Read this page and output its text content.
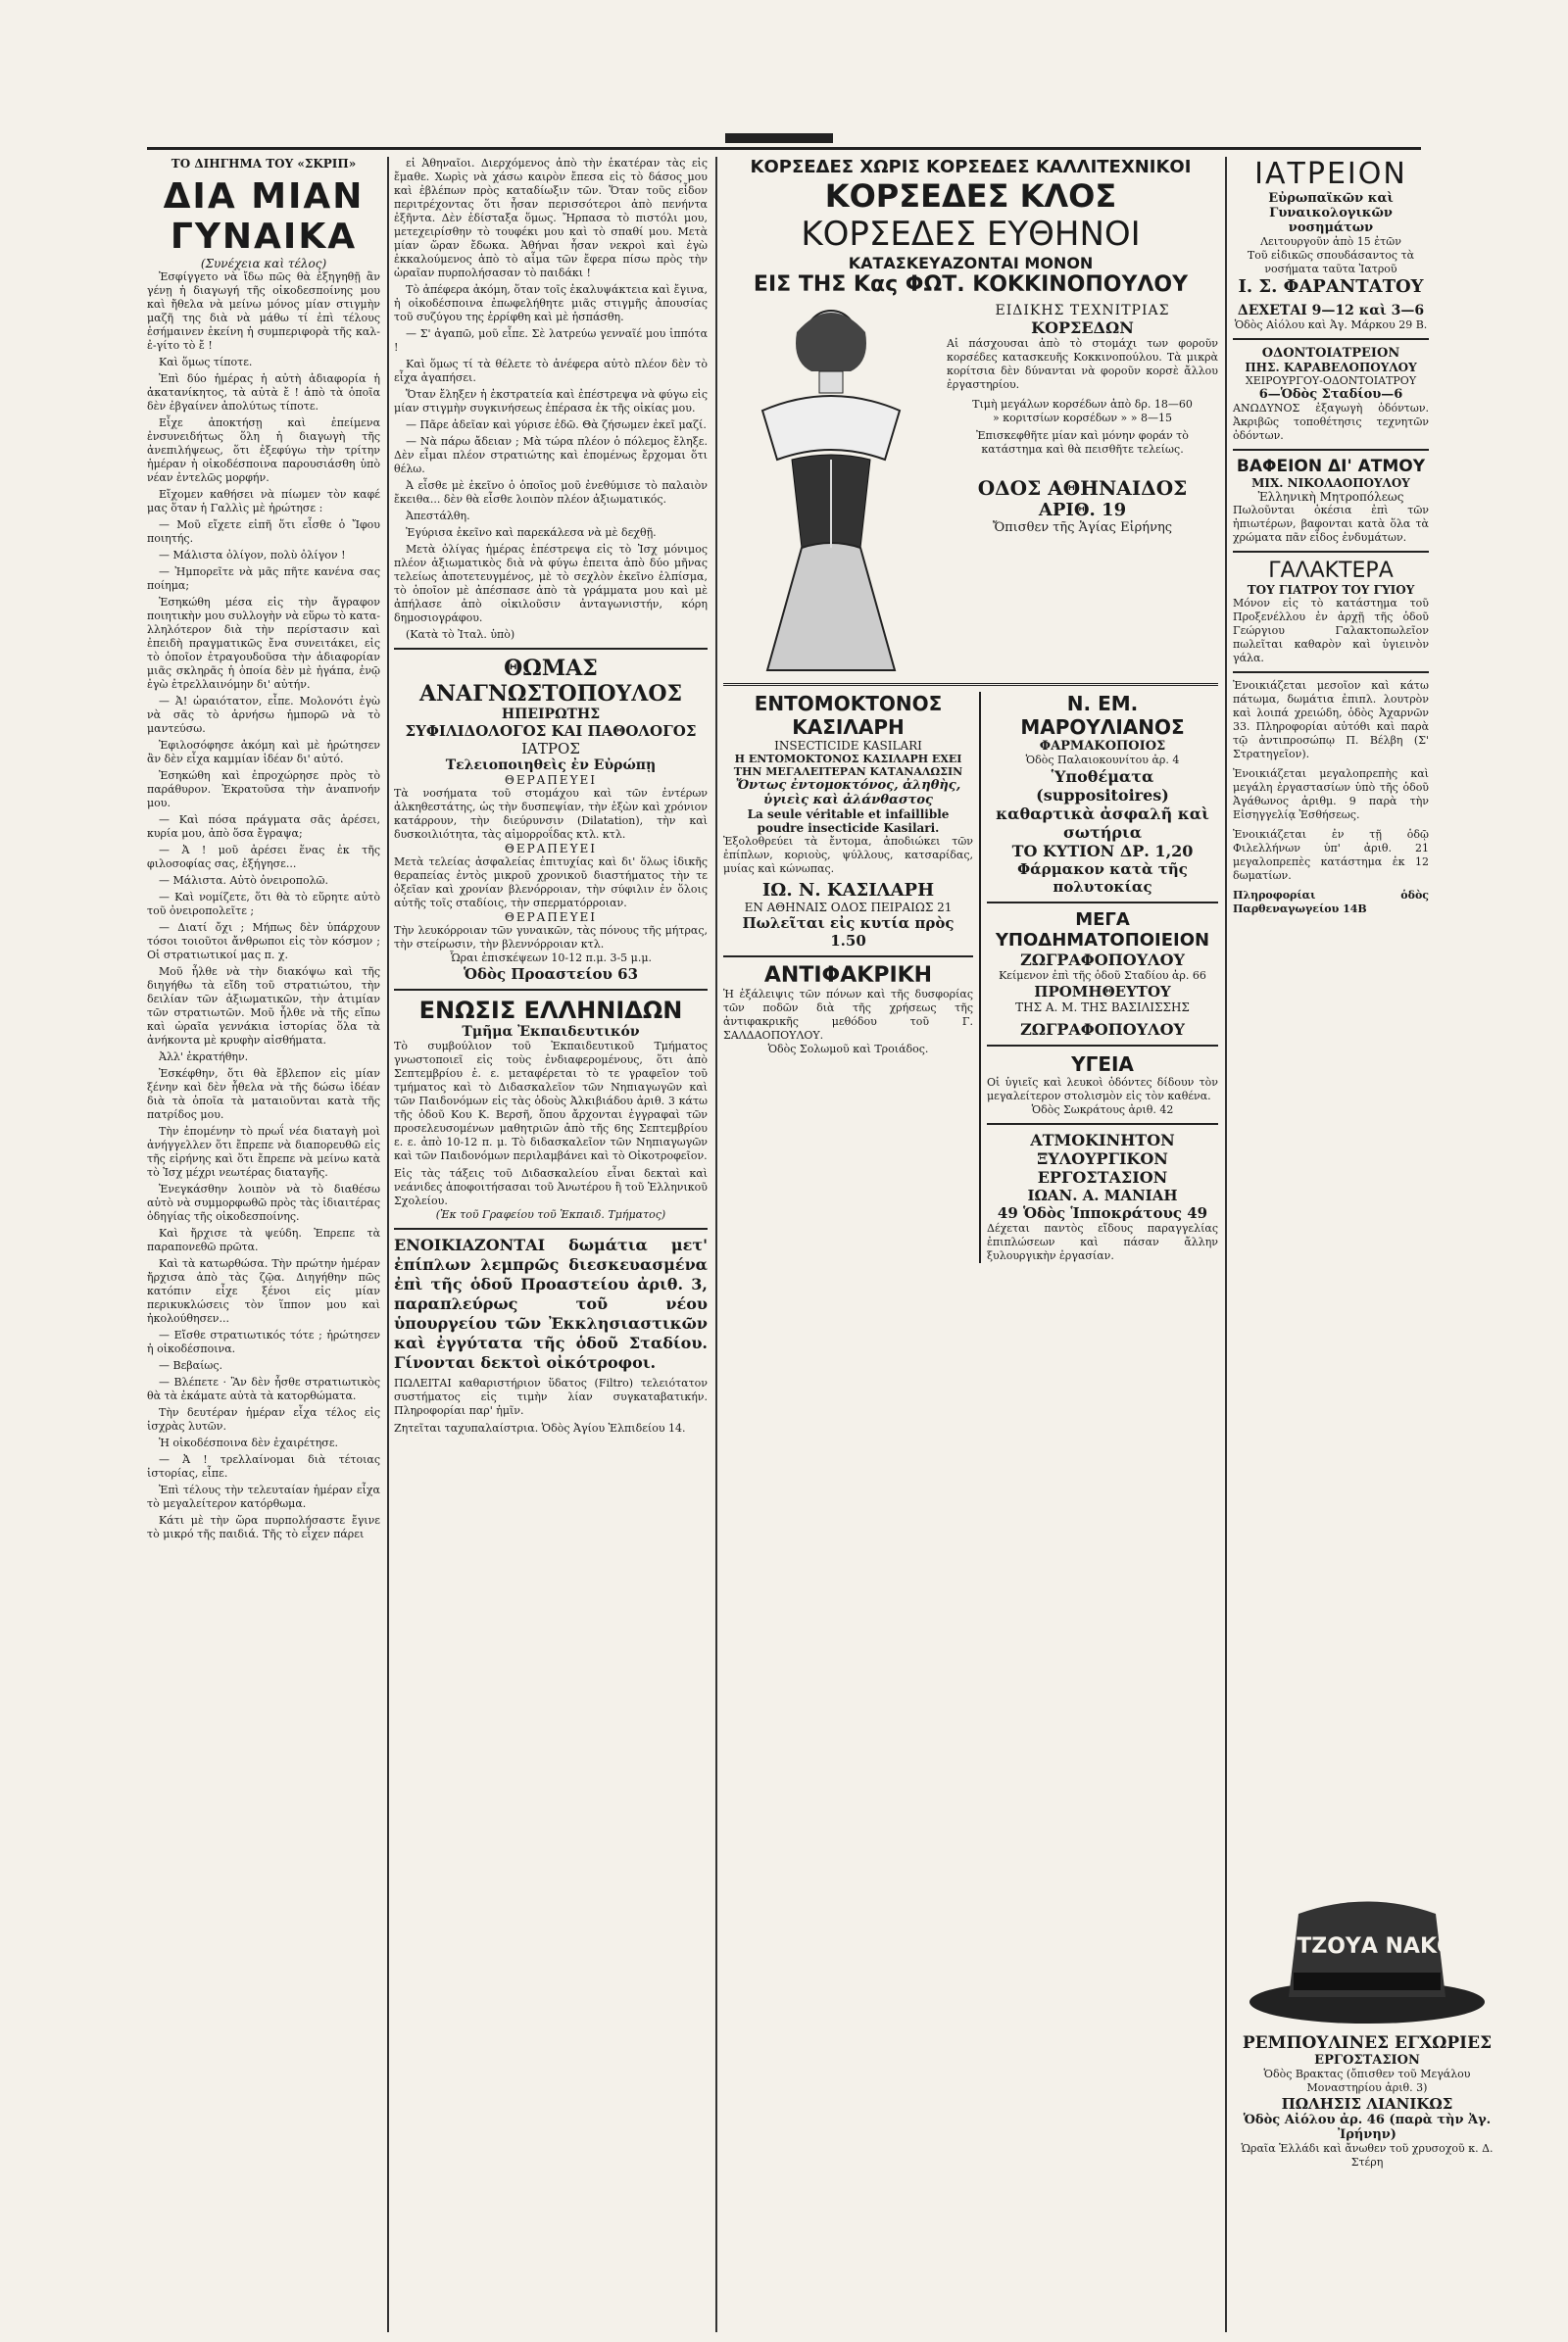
ΤΟ ΔΙΗΓΗΜΑ ΤΟΥ «ΣΚΡΙΠ»
ΔΙΑ ΜΙΑΝ ΓΥΝΑΙΚΑ
(Συνέχεια καὶ τέλος)

Ἐσφίγγετο νὰ ἴδω πῶς θὰ ἐξηγηθῇ ἂν γένῃ ἡ διαγωγή τῆς οἰκοδεσποίνης μου καὶ ἤθελα νὰ μείνω μόνος μίαν στιγμὴν μαζῆ της διὰ νὰ μάθω τί ἐπὶ τέλους ἐσήμαινεν ἐκείνη ἡ συμπεριφορὰ τῆς καλ-ἐ-γίτο τὸ ἔ !

Καὶ ὅμως τίποτε.

Ἐπὶ δύο ἡμέρας ἡ αὐτὴ ἀδιαφορία ἡ ἀκατανίκητος, τὰ αὐτὰ ἔ ! ἀπὸ τὰ ὁποῖα δὲν ἐβγαίνεν ἀπολύτως τίποτε.

Εἶχε ἀποκτήσῃ καὶ ἐπείμενα ἐνσυνειδήτως ὅλη ἡ διαγωγὴ τῆς ἀνεπιλήψεως, ὅτι ἐξεφύγω τὴν τρίτην ἡμέραν ἡ οἰκοδέσποινα παρουσιάσθη ὑπὸ νέαν ἐντελῶς μορφήν.

Εἴχομεν καθήσει νὰ πίωμεν τὸν καφέ μας ὅταν ἡ Γαλλὶς μὲ ἠρώτησε :

— Μοῦ εἴχετε εἰπῆ ὅτι εἶσθε ὁ Ἴφου ποιητής.

— Μάλιστα ὀλίγον, πολὺ ὀλίγον !

— Ἠμπορεῖτε νὰ μᾶς πῆτε κανένα σας ποίημα;

Ἐσηκώθη μέσα εἰς τὴν ἄγραφον ποιητικὴν μου συλλογὴν νὰ εὕρω τὸ κατα-λληλότερον διὰ τὴν περίστασιν καὶ ἐπειδὴ πραγματικῶς ἔνα συνειτάκει, εἰς τὸ ὁποῖον ἐτραγουδοῦσα τὴν ἀδιαφορίαν μιᾶς σκληρᾶς ἡ ὁποία δὲν μὲ ἠγάπα, ἐνῷ ἐγὼ ἐτρελλαινόμην δι' αὐτήν.

— Ἀ! ὡραιότατον, εἶπε. Μολονότι ἐγὼ νὰ σᾶς τὸ ἀρνήσω ἠμπορῶ νὰ τὸ μαντεύσω.

Ἐφιλοσόφησε ἀκόμη καὶ μὲ ἠρώτησεν ἂν δὲν εἶχα καμμίαν ἰδέαν δι' αὐτό.

Ἐσηκώθη καὶ ἐπροχώρησε πρὸς τὸ παράθυρον. Ἐκρατοῦσα τὴν ἀναπνοήν μου.

— Καὶ πόσα πράγματα σᾶς ἀρέσει, κυρία μου, ἀπὸ ὅσα ἔγραψα;

— Ἀ ! μοῦ ἀρέσει ἕνας ἐκ τῆς φιλοσοφίας σας, ἐξήγησε...

— Μάλιστα. Αὐτὸ ὀνειροπολῶ.

— Καὶ νομίζετε, ὅτι θὰ τὸ εὕρητε αὐτὸ τοῦ ὀνειροπολεῖτε ;

— Διατί ὄχι ; Μήπως δὲν ὑπάρχουν τόσοι τοιοῦτοι ἄνθρωποι εἰς τὸν κόσμον ; Οἱ στρατιωτικοί μας π. χ.

Μοῦ ἦλθε νὰ τὴν διακόψω καὶ τῆς διηγήθω τὰ εἴδη τοῦ στρατιώτου, τὴν δειλίαν τῶν ἀξιωματικῶν, τὴν ἀτιμίαν τῶν στρατιωτῶν. Μοῦ ἦλθε νὰ τῆς εἴπω καὶ ὡραῖα γεννάκια ἰστορίας ὅλα τὰ ἀνήκοντα μὲ κρυφὴν αἰσθήματα.

Ἀλλ' ἐκρατήθην.

Ἐσκέφθην, ὅτι θὰ ἔβλεπον εἰς μίαν ξένην καὶ δὲν ἦθελα νὰ τῆς δώσω ἰδέαν διὰ τὰ ὁποῖα τὰ ματαιοῦνται κατὰ τῆς πατρίδος μου.

Τὴν ἐπομένην τὸ πρωΐ νέα διαταγὴ μοὶ ἀνήγγελλεν ὅτι ἔπρεπε νὰ διαπορευθῶ εἰς τῆς εἰρήνης καὶ ὅτι ἔπρεπε νὰ μείνω κατὰ τὸ Ἰσχ μέχρι νεωτέρας διαταγῆς.

Ἐνεγκάσθην λοιπὸν νὰ τὸ διαθέσω αὐτὸ νὰ συμμορφωθῶ πρὸς τὰς ἰδιαιτέρας ὁδηγίας τῆς οἰκοδεσποίνης.

Καὶ ἤρχισε τὰ ψεύδη. Ἐπρεπε τὰ παραπονεθῶ πρῶτα.

Καὶ τὰ κατωρθώσα. Τὴν πρώτην ἡμέραν ἤρχισα ἀπὸ τὰς ζῷα. Διηγήθην πῶς κατόπιν εἶχε ξένοι εἰς μίαν περικυκλώσεις τὸν ἵππον μου καὶ ἠκολούθησεν...

— Εἴσθε στρατιωτικός τότε ; ἠρώτησεν ἡ οἰκοδέσποινα.

— Βεβαίως.

— Βλέπετε · Ἂν δὲν ἦσθε στρατιωτικὸς θὰ τὰ ἐκάματε αὐτὰ τὰ κατορθώματα.

Τὴν δευτέραν ἡμέραν εἶχα τέλος εἰς ἰσχρὰς λυτῶν.

Ἡ οἰκοδέσποινα δὲν ἐχαιρέτησε.

— Ἀ ! τρελλαίνομαι διὰ τέτοιας ἱστορίας, εἶπε.

Ἐπὶ τέλους τὴν τελευταίαν ἡμέραν εἶχα τὸ μεγαλείτερον κατόρθωμα.

Κάτι μὲ τὴν ὥρα πυρπολήσαστε ἔγινε τὸ μικρό τῆς παιδιά. Τῆς τὸ εἶχεν πάρει

εἰ Ἀθηναῖοι. Διερχόμενος ἀπὸ τὴν ἑκατέραν τὰς εἰς ἔμαθε. Χωρὶς νὰ χάσω καιρὸν ἔπεσα εἰς τὸ δάσος μου καὶ ἐβλέπων πρὸς καταδίωξιν τῶν. Ὅταν τοῦς εἶδον περιτρέχοντας ὅτι ἦσαν περισσότεροι ἀπὸ πενήντα ἐξῆντα. Δὲν ἐδίσταξα ὅμως. Ἤρπασα τὸ πιστόλι μου, μετεχειρίσθην τὸ τουφέκι μου καὶ τὸ σπαθί μου. Μετὰ μίαν ὥραν ἔδωκα. Ἀθήναι ἦσαν νεκροὶ καὶ ἐγὼ ἐκκαλούμενος ἀπὸ τὸ αἷμα τῶν ἔφερα πίσω πρὸς τὴν ὡραῖαν πυρπολήσασαν τὸ παιδάκι !

Τὸ ἀπέφερα ἀκόμη, ὅταν τοῖς ἐκαλυψάκτεια καὶ ἔγινα, ἡ οἰκοδέσποινα ἐπωφελήθητε μιᾶς στιγμῆς ἀπουσίας τοῦ συζύγου της ἐρρίφθη καὶ μὲ ἠσπάσθη.

— Σ' ἀγαπῶ, μοῦ εἶπε. Σὲ λατρεύω γενναῖέ μου ἱππότα !

Καὶ ὅμως τί τὰ θέλετε τὸ ἀνέφερα αὐτὸ πλέον δὲν τὸ εἶχα ἀγαπήσει.

Ὅταν ἔληξεν ἡ ἐκστρατεία καὶ ἐπέστρεψα νὰ φύγω εἰς μίαν στιγμὴν συγκινήσεως ἐπέρασα ἐκ τῆς οἰκίας μου.

— Πᾶρε ἀδεῖαν καὶ γύρισε ἐδῶ. Θὰ ζήσωμεν ἐκεῖ μαζί.

— Νὰ πάρω ἄδειαν ; Μὰ τώρα πλέον ὁ πόλεμος ἔληξε. Δὲν εἶμαι πλέον στρατιώτης καὶ ἐπομένως ἔρχομαι ὅτι θέλω.

Ἀ εἶσθε μὲ ἐκεῖνο ὁ ὁποῖος μοῦ ἐνεθύμισε τὸ παλαιὸν ἔκειθα... δὲν θὰ εἶσθε λοιπὸν πλέον ἀξιωματικός.

Ἀπεστάλθη.

Ἐγύρισα ἐκεῖνο καὶ παρεκάλεσα νὰ μὲ δεχθῇ.

Μετὰ ὀλίγας ἡμέρας ἐπέστρεψα εἰς τὸ Ἰσχ μόνιμος πλέον ἀξιωματικὸς διὰ νὰ φύγω ἐπειτα ἀπὸ δύο μῆνας τελείως ἀποτετευγμένος, μὲ τὸ σεχλὸν ἐκεῖνο ἐλπίσμα, τὸ ὁποῖον μὲ ἀπέσπασε ἀπὸ τὰ γράμματα μου καὶ μὲ ἀπήλασε ἀπὸ οἰκιλοῦσιν ἀνταγωνιστήν, κόρη δημοσιογράφου.

(Κατὰ τὸ Ἰταλ. ὑπὸ)

ΘΩΜΑΣ ΑΝΑΓΝΩΣΤΟΠΟΥΛΟΣ
ΗΠΕΙΡΩΤΗΣ
ΣΥΦΙΛΙΔΟΛΟΓΟΣ ΚΑΙ ΠΑΘΟΛΟΓΟΣ
ΙΑΤΡΟΣ
Τελειοποιηθεὶς ἐν Εὐρώπῃ
ΘΕΡΑΠΕΥΕΙ
Τὰ νοσήματα τοῦ στομάχου καὶ τῶν ἐντέρων ἀλκηθεστάτης, ὡς τὴν δυσπεψίαν, τὴν ἐξὼν καὶ χρόνιον κατάρρουν, τὴν διεύρυνσιν (Dilatation), τὴν καὶ δυσκοιλιότητα, τὰς αἱμορροΐδας κτλ. κτλ.
ΘΕΡΑΠΕΥΕΙ
Μετὰ τελείας ἀσφαλείας ἐπιτυχίας καὶ δι' ὅλως ἰδικῆς θεραπείας ἐντὸς μικροῦ χρονικοῦ διαστήματος τὴν τε ὀξεῖαν καὶ χρονίαν βλενόρροιαν, τὴν σύφιλιν ἐν ὅλοις αὐτῆς τοῖς σταδίοις, τὴν σπερματόρροιαν.
ΘΕΡΑΠΕΥΕΙ
Τὴν λευκόρροιαν τῶν γυναικῶν, τὰς πόνους τῆς μήτρας, τὴν στείρωσιν, τὴν βλεννόρροιαν κτλ.
Ὧραι ἐπισκέψεων 10-12 π.μ. 3-5 μ.μ.
Ὁδὸς Προαστείου 63
ΕΝΩΣΙΣ ΕΛΛΗΝΙΔΩΝ
Τμῆμα Ἐκπαιδευτικόν
Τὸ συμβούλιον τοῦ Ἐκπαιδευτικοῦ Τμήματος γνωστοποιεῖ εἰς τοὺς ἐνδιαφερομένους, ὅτι ἀπὸ Σεπτεμβρίου ἐ. ε. μεταφέρεται τὸ τε γραφεῖον τοῦ τμήματος καὶ τὸ Διδασκαλεῖον τῶν Νηπιαγωγῶν καὶ τῶν Παιδονόμων εἰς τὰς ὁδοὺς Ἀλκιβιάδου ἀριθ. 3 κάτω τῆς ὁδοῦ Κου Κ. Βερσῆ, ὅπου ἄρχονται ἐγγραφαὶ τῶν προσελευσομένων μαθητριῶν ἀπὸ τῆς 6ης Σεπτεμβρίου ε. ε. ἀπὸ 10-12 π. μ. Τὸ διδασκαλεῖον τῶν Νηπιαγωγῶν καὶ τῶν Παιδονόμων περιλαμβάνει καὶ τὸ Οἰκοτροφεῖον.
Εἰς τὰς τάξεις τοῦ Διδασκαλείου εἶναι δεκταὶ καὶ νεάνιδες ἀποφοιτήσασαι τοῦ Ἀνωτέρου ἢ τοῦ Ἑλληνικοῦ Σχολείου.
(Ἐκ τοῦ Γραφείου τοῦ Ἐκπαιδ. Τμήματος)
ΕΝΟΙΚΙΑΖΟΝΤΑΙ δωμάτια μετ' ἐπίπλων λεμπρῶς διεσκευασμένα ἐπὶ τῆς ὁδοῦ Προαστείου ἀριθ. 3, παραπλεύρως τοῦ νέου ὑπουργείου τῶν Ἐκκλησιαστικῶν καὶ ἐγγύτατα τῆς ὁδοῦ Σταδίου. Γίνονται δεκτοὶ οἰκότροφοι.
ΠΩΛΕΙΤΑΙ καθαριστήριον ὕδατος (Filtro) τελειότατον συστήματος εἰς τιμὴν λίαν συγκαταβατικήν. Πληροφορίαι παρ' ἡμῖν.
Ζητεῖται ταχυπαλαίστρια. Ὁδὸς Ἀγίου Ἐλπιδείου 14.
ΚΟΡΣΕΔΕΣ ΧΩΡΙΣ ΚΟΡΣΕΔΕΣ ΚΑΛΛΙΤΕΧΝΙΚΟΙ
ΚΟΡΣΕΔΕΣ ΚΛΟΣ
ΚΟΡΣΕΔΕΣ ΕΥΘΗΝΟΙ
ΚΑΤΑΣΚΕΥΑΖΟΝΤΑΙ ΜΟΝΟΝ
ΕΙΣ ΤΗΣ Κας ΦΩΤ. ΚΟΚΚΙΝΟΠΟΥΛΟΥ
ΕΙΔΙΚΗΣ ΤΕΧΝΙΤΡΙΑΣ
ΚΟΡΣΕΔΩΝ
Αἱ πάσχουσαι ἀπὸ τὸ στομάχι των φοροῦν κορσέδες κατασκευῆς Κοκκινοπούλου. Τὰ μικρὰ κορίτσια δὲν δύνανται νὰ φοροῦν κορσὲ ἄλλου ἐργαστηρίου.
Τιμὴ μεγάλων κορσέδων ἀπὸ δρ. 18—60
» κοριτσίων κορσέδων » » 8—15
Ἐπισκεφθῆτε μίαν καὶ μόνην φοράν τὸ κατάστημα καὶ θὰ πεισθῆτε τελείως.
ΟΔΟΣ ΑΘΗΝΑΙΔΟΣ
ΑΡΙΘ. 19
Ὄπισθεν τῆς Ἁγίας Εἰρήνης
ΕΝΤΟΜΟΚΤΟΝΟΣ ΚΑΣΙΛΑΡΗ
INSECTICIDE KASILARI
Η ΕΝΤΟΜΟΚΤΟΝΟΣ ΚΑΣΙΛΑΡΗ ΕΧΕΙ ΤΗΝ ΜΕΓΑΛΕΙΤΕΡΑΝ ΚΑΤΑΝΑΛΩΣΙΝ
Ὄντως ἐντομοκτόνος, ἀληθὴς, ὑγιεὶς καὶ ἀλάνθαστος
La seule véritable et infaillible poudre insecticide Kasilari.
Ἐξολοθρεύει τὰ ἔντομα, ἀποδιώκει τῶν ἐπίπλων, κοριοὺς, ψύλλους, κατσαρίδας, μυίας καὶ κώνωπας.
ΙΩ. Ν. ΚΑΣΙΛΑΡΗ
ΕΝ ΑΘΗΝΑΙΣ ΟΔΟΣ ΠΕΙΡΑΙΩΣ 21
Πωλεῖται εἰς κυτία πρὸς 1.50
ΑΝΤΙΦΑΚΡΙΚΗ
Ἡ ἐξάλειψις τῶν πόνων καὶ τῆς δυσφορίας τῶν ποδῶν διὰ τῆς χρήσεως τῆς ἀντιφακρικῆς μεθόδου τοῦ Γ. ΣΑΛΔΑΟΠΟΥΛΟΥ.
Ὁδὸς Σολωμοῦ καὶ Τροιάδος.
Ν. ΕΜ. ΜΑΡΟΥΛΙΑΝΟΣ
ΦΑΡΜΑΚΟΠΟΙΟΣ
Ὁδὸς Παλαιοκουνίτου ἀρ. 4
Ὑποθέματα (suppositoires) καθαρτικὰ ἀσφαλῆ καὶ σωτήρια
ΤΟ ΚΥΤΙΟΝ ΔΡ. 1,20
Φάρμακον κατὰ τῆς πολυτοκίας
ΜΕΓΑ ΥΠΟΔΗΜΑΤΟΠΟΙΕΙΟΝ
ΖΩΓΡΑΦΟΠΟΥΛΟΥ
Κείμενον ἐπὶ τῆς ὁδοῦ Σταδίου ἀρ. 66
ΠΡΟΜΗΘΕΥΤΟΥ
ΤΗΣ Α. Μ. ΤΗΣ ΒΑΣΙΛΙΣΣΗΣ
ΖΩΓΡΑΦΟΠΟΥΛΟΥ
ΥΓΕΙΑ
Οἱ ὑγιεῖς καὶ λευκοὶ ὀδόντες δίδουν τὸν μεγαλείτερον στολισμὸν εἰς τὸν καθένα.
Ὁδὸς Σωκράτους ἀριθ. 42
ΑΤΜΟΚΙΝΗΤΟΝ ΞΥΛΟΥΡΓΙΚΟΝ ΕΡΓΟΣΤΑΣΙΟΝ
ΙΩΑΝ. Α. ΜΑΝΙΑΗ
49 Ὁδὸς Ἱπποκράτους 49
Δέχεται παντὸς εἴδους παραγγελίας ἐπιπλώσεων καὶ πάσαν ἄλλην ξυλουργικὴν ἐργασίαν.
ΙΑΤΡΕΙΟΝ
Εὐρωπαϊκῶν καὶ Γυναικολογικῶν νοσημάτων
Λειτουργοῦν ἀπὸ 15 ἐτῶν
Τοῦ εἰδικῶς σπουδάσαντος τὰ νοσήματα ταῦτα Ἰατροῦ
Ι. Σ. ΦΑΡΑΝΤΑΤΟΥ
ΔΕΧΕΤΑΙ 9—12 καὶ 3—6
Ὁδὸς Αἰόλου καὶ Ἀγ. Μάρκου 29 Β.
ΟΔΟΝΤΟΙΑΤΡΕΙΟΝ
ΠΗΣ. ΚΑΡΑΒΕΛΟΠΟΥΛΟΥ
ΧΕΙΡΟΥΡΓΟΥ-ΟΔΟΝΤΟΙΑΤΡΟΥ
6—Ὁδὸς Σταδίου—6
ΑΝΩΔΥΝΟΣ ἐξαγωγὴ ὀδόντων. Ἀκριβῶς τοποθέτησις τεχνητῶν ὀδόντων.
ΒΑΦΕΙΟΝ ΔΙ' ΑΤΜΟΥ
ΜΙΧ. ΝΙΚΟΛΑΟΠΟΥΛΟΥ
Ἑλληνικὴ Μητροπόλεως
Πωλοῦνται ὁκέσια ἐπὶ τῶν ἠπιωτέρων, βαφονται κατὰ ὅλα τὰ χρώματα πᾶν εἶδος ἐνδυμάτων.
ΓΑΛΑΚΤΕΡΑ
ΤΟΥ ΓΙΑΤΡΟΥ ΤΟΥ ΓΥΙΟΥ
Μόνον εἰς τὸ κατάστημα τοῦ Προξενέλλου ἐν ἀρχῇ τῆς ὁδοῦ Γεώργιου Γαλακτοπωλεῖον πωλεῖται καθαρὸν καὶ ὑγιεινὸν γάλα.
Ἐνοικιάζεται μεσοῖον καὶ κάτω πάτωμα, δωμάτια ἐπιπλ. λουτρὸν καὶ λοιπά χρειώδη, ὁδὸς Ἀχαρνῶν 33. Πληροφορίαι αὐτόθι καὶ παρὰ τῷ ἀντιπροσώπῳ Π. Βέλβη (Σ' Στρατηγεῖον).
Ἐνοικιάζεται μεγαλοπρεπὴς καὶ μεγάλη ἐργαστασίων ὑπὸ τῆς ὁδοῦ Ἀγάθωνος ἀριθμ. 9 παρὰ τὴν Εἰσηγγελίᾳ Ἐσθήσεως.
Ἐνοικιάζεται ἐν τῇ ὁδῷ Φιλελλήνων ὑπ' ἀριθ. 21 μεγαλοπρεπὲς κατάστημα ἐκ 12 δωματίων.
Πληροφορίαι ὁδὸς Παρθεναγωγείου 14Β
Χ. ΤΖΟΥΑ ΝΑΚΟΣ
ΡΕΜΠΟΥΛΙΝΕΣ ΕΓΧΩΡΙΕΣ
ΕΡΓΟΣΤΑΣΙΟΝ
Ὁδὸς Βρακτας (ὄπισθεν τοῦ Μεγάλου Μοναστηρίου ἀριθ. 3)
ΠΩΛΗΣΙΣ ΛΙΑΝΙΚΩΣ
Ὁδὸς Αἰόλου ἀρ. 46 (παρὰ τὴν Ἀγ. Ἰρήνην)
Ὡραῖα Ἑλλάδι καὶ ἄνωθεν τοῦ χρυσοχοῦ κ. Δ. Στέρη
